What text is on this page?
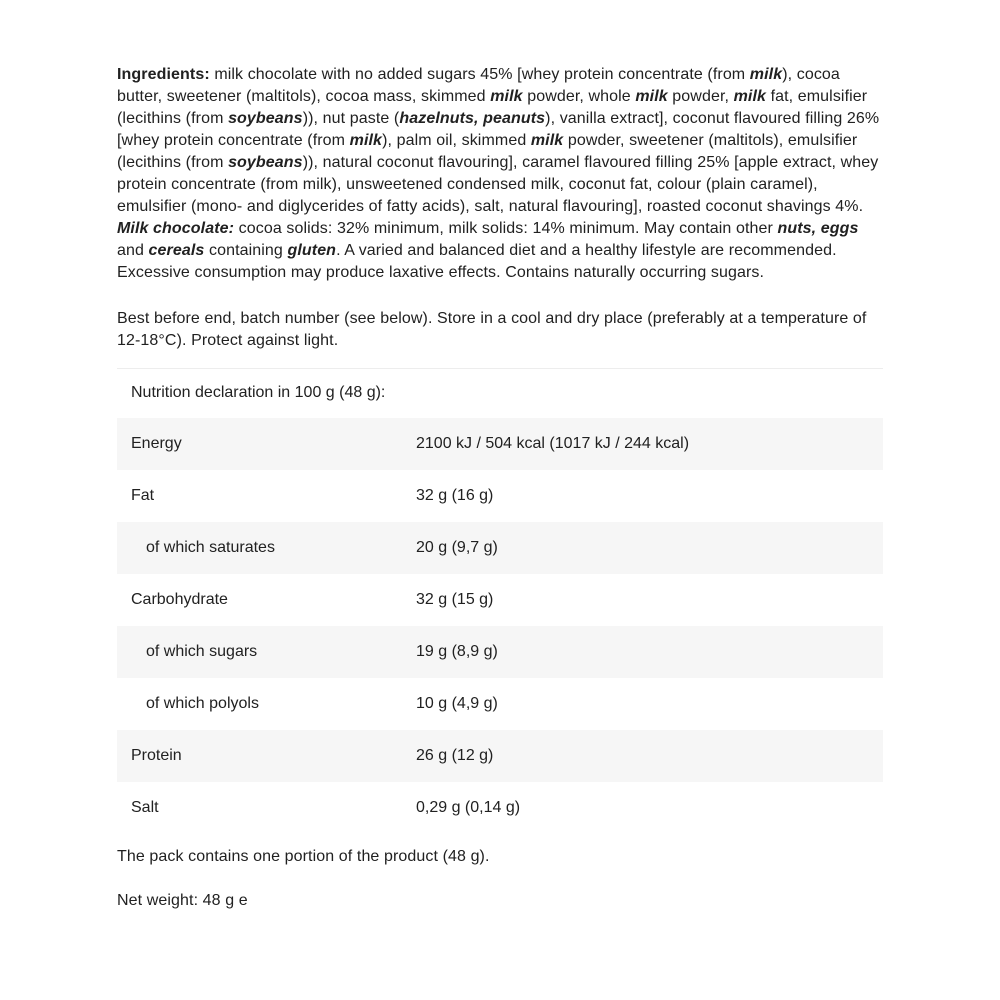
Ingredients: milk chocolate with no added sugars 45% [whey protein concentrate (from milk), cocoa butter, sweetener (maltitols), cocoa mass, skimmed milk powder, whole milk powder, milk fat, emulsifier (lecithins (from soybeans)), nut paste (hazelnuts, peanuts), vanilla extract], coconut flavoured filling 26% [whey protein concentrate (from milk), palm oil, skimmed milk powder, sweetener (maltitols), emulsifier (lecithins (from soybeans)), natural coconut flavouring], caramel flavoured filling 25% [apple extract, whey protein concentrate (from milk), unsweetened condensed milk, coconut fat, colour (plain caramel), emulsifier (mono- and diglycerides of fatty acids), salt, natural flavouring], roasted coconut shavings 4%. Milk chocolate: cocoa solids: 32% minimum, milk solids: 14% minimum. May contain other nuts, eggs and cereals containing gluten. A varied and balanced diet and a healthy lifestyle are recommended. Excessive consumption may produce laxative effects. Contains naturally occurring sugars.

Best before end, batch number (see below). Store in a cool and dry place (preferably at a temperature of 12-18°C). Protect against light.

Nutrition declaration in 100 g (48 g):
Energy	2100 kJ / 504 kcal (1017 kJ / 244 kcal)
Fat	32 g (16 g)
of which saturates	20 g (9,7 g)
Carbohydrate	32 g (15 g)
of which sugars	19 g (8,9 g)
of which polyols	10 g (4,9 g)
Protein	26 g (12 g)
Salt	0,29 g (0,14 g)

The pack contains one portion of the product (48 g).

Net weight: 48 g e
